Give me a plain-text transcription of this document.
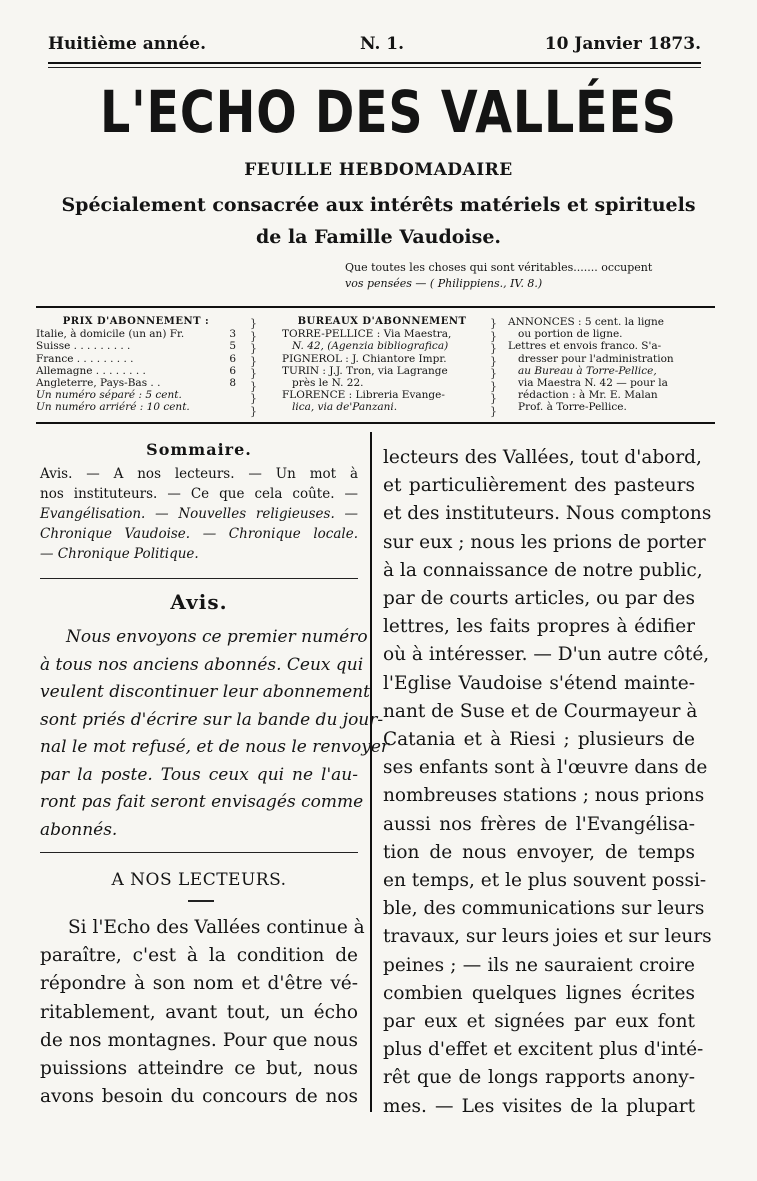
Huitième année.	N. 1.	10 Janvier 1873.
L'ECHO DES VALLÉES
FEUILLE HEBDOMADAIRE
Spécialement consacrée aux intérêts matériels et spirituels
de la Famille Vaudoise.
Que toutes les choses qui sont véritables....... occupent
vos pensées — ( Philippiens., IV. 8.)
PRIX D'ABONNEMENT :
Italie, à domicile (un an) Fr.	3
Suisse . . . . . . . . .	5
France . . . . . . . . .	6
Allemagne . . . . . . . .	6
Angleterre, Pays-Bas . .	8
Un numéro séparé : 5 cent.
Un numéro arriéré : 10 cent.
}
}
}
}
}
}
}
}
BUREAUX D'ABONNEMENT
TORRE-PELLICE : Via Maestra,
N. 42, (Agenzia bibliografica)
PIGNEROL : J. Chiantore Impr.
TURIN : J.J. Tron, via Lagrange
près le N. 22.
FLORENCE : Libreria Evange-
lica, via de'Panzani.
}
}
}
}
}
}
}
}
ANNONCES : 5 cent. la ligne
ou portion de ligne.
Lettres et envois franco. S'a-
dresser pour l'administration
au Bureau à Torre-Pellice,
via Maestra N. 42 — pour la
rédaction : à Mr. E. Malan
Prof. à Torre-Pellice.
Sommaire.
Avis. — A nos lecteurs. — Un mot à
nos instituteurs. — Ce que cela coûte. —
Evangélisation. — Nouvelles religieuses. —
Chronique Vaudoise. — Chronique locale.
— Chronique Politique.
Avis.
Nous envoyons ce premier numéro
à tous nos anciens abonnés. Ceux qui
veulent discontinuer leur abonnement
sont priés d'écrire sur la bande du jour-
nal le mot refusé, et de nous le renvoyer
par la poste. Tous ceux qui ne l'au-
ront pas fait seront envisagés comme
abonnés.
A NOS LECTEURS.
Si l'Echo des Vallées continue à
paraître, c'est à la condition de
répondre à son nom et d'être vé-
ritablement, avant tout, un écho
de nos montagnes. Pour que nous
puissions atteindre ce but, nous
avons besoin du concours de nos
lecteurs des Vallées, tout d'abord,
et particulièrement des pasteurs
et des instituteurs. Nous comptons
sur eux ; nous les prions de porter
à la connaissance de notre public,
par de courts articles, ou par des
lettres, les faits propres à édifier
où à intéresser. — D'un autre côté,
l'Eglise Vaudoise s'étend mainte-
nant de Suse et de Courmayeur à
Catania et à Riesi ; plusieurs de
ses enfants sont à l'œuvre dans de
nombreuses stations ; nous prions
aussi nos frères de l'Evangélisa-
tion de nous envoyer, de temps
en temps, et le plus souvent possi-
ble, des communications sur leurs
travaux, sur leurs joies et sur leurs
peines ; — ils ne sauraient croire
combien quelques lignes écrites
par eux et signées par eux font
plus d'effet et excitent plus d'inté-
rêt que de longs rapports anony-
mes. — Les visites de la plupart
